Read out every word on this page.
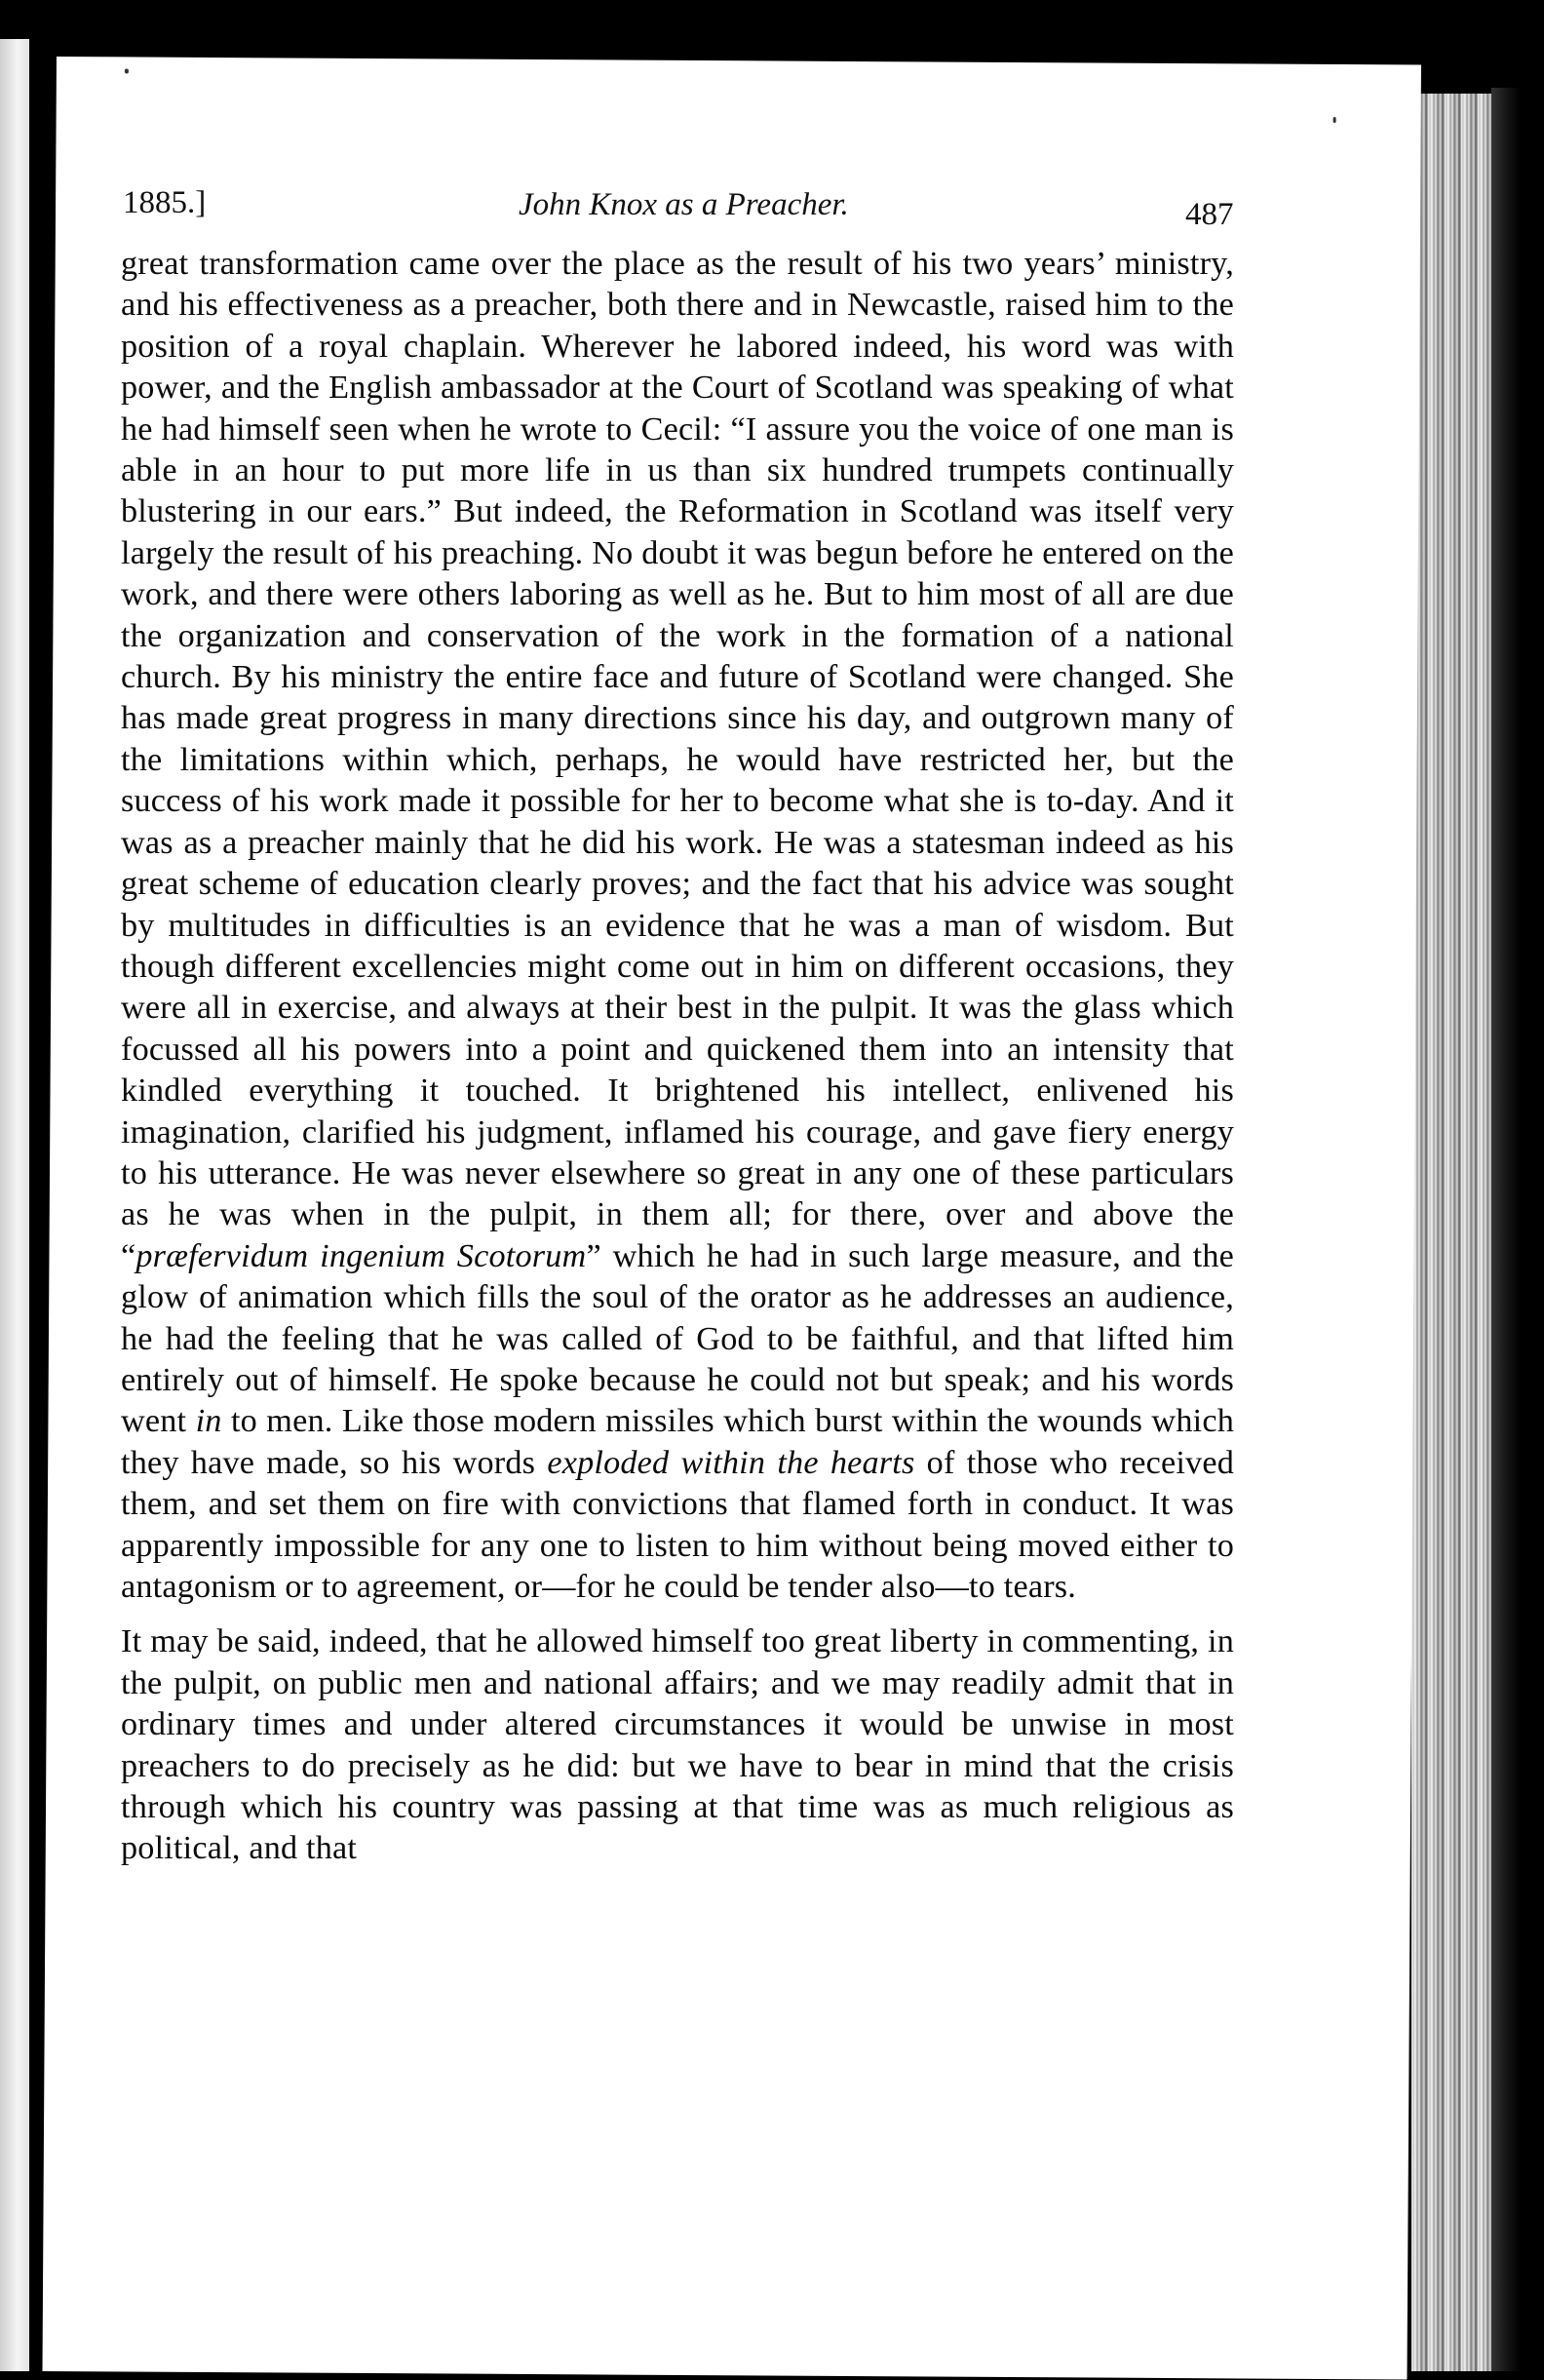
1885.]	John Knox as a Preacher.	487

great transformation came over the place as the result of his two years’ ministry, and his effectiveness as a preacher, both there and in Newcastle, raised him to the position of a royal chaplain. Wherever he labored indeed, his word was with power, and the English ambassador at the Court of Scotland was speaking of what he had himself seen when he wrote to Cecil: “I assure you the voice of one man is able in an hour to put more life in us than six hundred trumpets continually blustering in our ears.” But indeed, the Reformation in Scotland was itself very largely the result of his preaching. No doubt it was begun before he entered on the work, and there were others laboring as well as he. But to him most of all are due the organization and conservation of the work in the formation of a national church. By his ministry the entire face and future of Scotland were changed. She has made great progress in many directions since his day, and outgrown many of the limitations within which, perhaps, he would have restricted her, but the success of his work made it possible for her to become what she is to-day. And it was as a preacher mainly that he did his work. He was a statesman indeed as his great scheme of education clearly proves; and the fact that his advice was sought by multitudes in difficulties is an evidence that he was a man of wisdom. But though different excellencies might come out in him on different occasions, they were all in exercise, and always at their best in the pulpit. It was the glass which focussed all his powers into a point and quickened them into an intensity that kindled everything it touched. It brightened his intellect, enlivened his imagination, clarified his judgment, inflamed his courage, and gave fiery energy to his utterance. He was never elsewhere so great in any one of these particulars as he was when in the pulpit, in them all; for there, over and above the “præfervidum ingenium Scotorum” which he had in such large measure, and the glow of animation which fills the soul of the orator as he addresses an audience, he had the feeling that he was called of God to be faithful, and that lifted him entirely out of himself. He spoke because he could not but speak; and his words went in to men. Like those modern missiles which burst within the wounds which they have made, so his words exploded within the hearts of those who received them, and set them on fire with convictions that flamed forth in conduct. It was apparently impossible for any one to listen to him without being moved either to antagonism or to agreement, or—for he could be tender also—to tears.

It may be said, indeed, that he allowed himself too great liberty in commenting, in the pulpit, on public men and national affairs; and we may readily admit that in ordinary times and under altered circumstances it would be unwise in most preachers to do precisely as he did: but we have to bear in mind that the crisis through which his country was passing at that time was as much religious as political, and that
